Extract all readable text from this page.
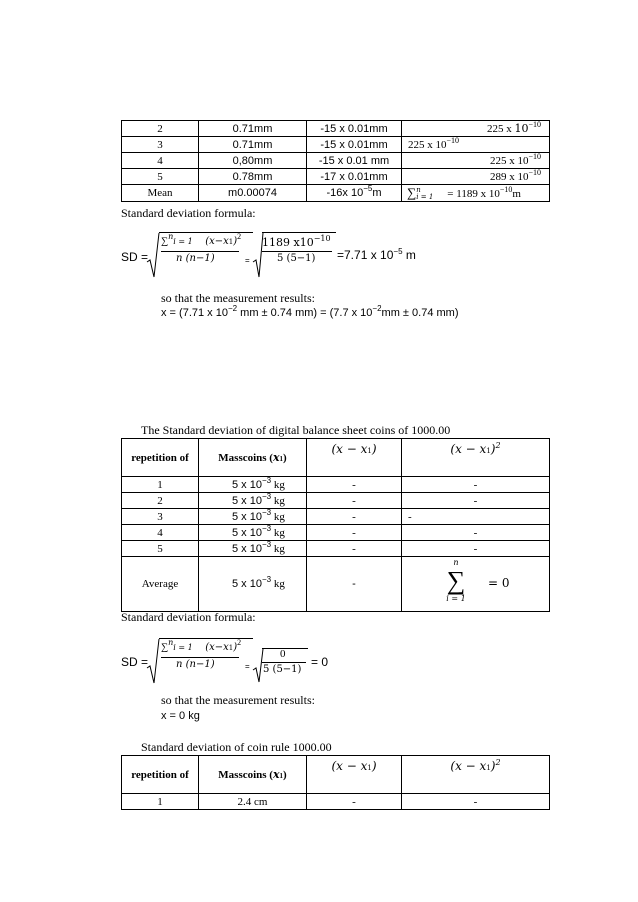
2	0.71mm	-15 x 0.01mm	225 x $10^{-10}$
3	0.71mm	-15 x 0.01mm	225 x $10^{-10}$
4	0,80mm	-15 x 0.01 mm	225 x $10^{-10}$
5	0.78mm	-17 x 0.01mm	289 x $10^{-10}$
Mean	m0.00074	-16x $10^{-5}m$	∑n
i = 1 = 1189 x $10^{-10}m$
Standard deviation formula:
SD =
∑$^n$i = 1 $(x-x1)^2$
n (n−1)	=
1189 $x10^{-10}$
5 (5−1) =7.71 x $10^{-5}$ m
so that the measurement results:
x = (7.71 x $10^{-2}$ mm ± 0.74 mm) = (7.7 x $10^{-2}mm \pm 0.74$ mm)
The Standard deviation of digital balance sheet coins of 1000.00
repetition of	Masscoins (x1)	(x − x1)	$(x - x1)^2$
1	5 x $10^{-3}$ kg	-	-
2	5 x $10^{-3}$ kg	-	-
3	5 x $10^{-3}$ kg	-	-
4	5 x $10^{-3}$ kg	-	-
5	5 x $10^{-3}$ kg	-	-
Average	5 x $10^{-3}$ kg	-	n
∑
i = 1
= 0
Standard deviation formula:
SD =
∑$^n$i = 1 $(x-x1)^2$
n (n−1)	=
0
5 (5−1)
= 0
so that the measurement results:
x = 0 kg
Standard deviation of coin rule 1000.00
repetition of	Masscoins (x1)	(x − x1)	$(x - x1)^2$
1	2.4 cm	-	-
